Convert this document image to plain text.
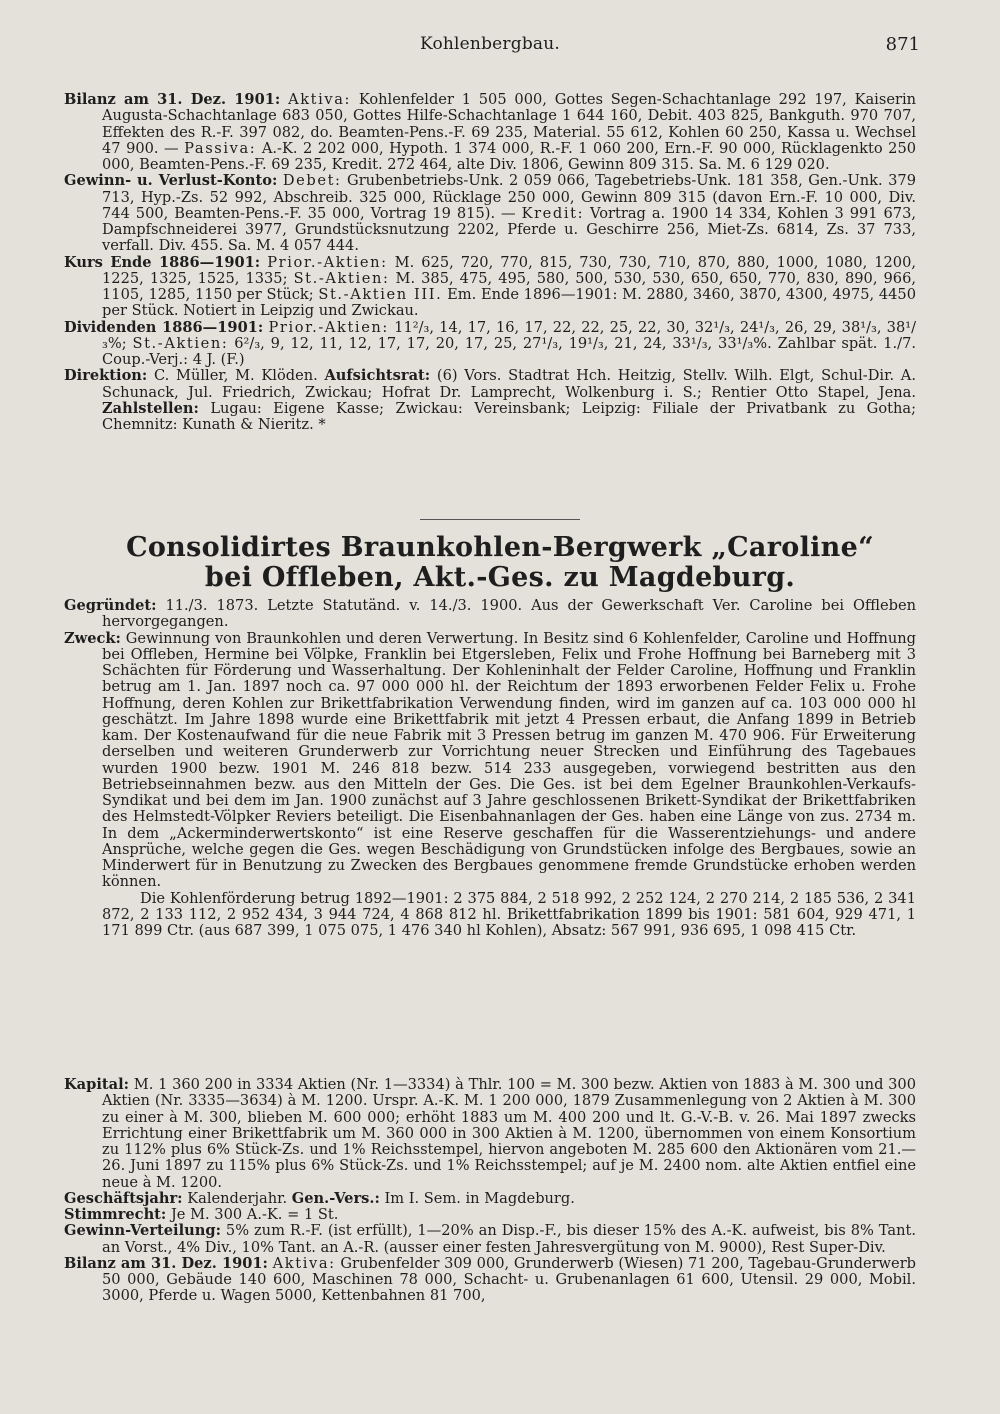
Kohlenbergbau.	871

Bilanz am 31. Dez. 1901: Aktiva: Kohlenfelder 1 505 000, Gottes Segen-Schachtanlage 292 197, Kaiserin Augusta-Schachtanlage 683 050, Gottes Hilfe-Schachtanlage 1 644 160, Debit. 403 825, Bankguth. 970 707, Effekten des R.-F. 397 082, do. Beamten-Pens.-F. 69 235, Material. 55 612, Kohlen 60 250, Kassa u. Wechsel 47 900. — Passiva: A.-K. 2 202 000, Hypoth. 1 374 000, R.-F. 1 060 200, Ern.-F. 90 000, Rücklagenkto 250 000, Beamten-Pens.-F. 69 235, Kredit. 272 464, alte Div. 1806, Gewinn 809 315. Sa. M. 6 129 020.

Gewinn- u. Verlust-Konto: Debet: Grubenbetriebs-Unk. 2 059 066, Tagebetriebs-Unk. 181 358, Gen.-Unk. 379 713, Hyp.-Zs. 52 992, Abschreib. 325 000, Rücklage 250 000, Gewinn 809 315 (davon Ern.-F. 10 000, Div. 744 500, Beamten-Pens.-F. 35 000, Vortrag 19 815). — Kredit: Vortrag a. 1900 14 334, Kohlen 3 991 673, Dampfschneiderei 3977, Grundstücksnutzung 2202, Pferde u. Geschirre 256, Miet-Zs. 6814, Zs. 37 733, verfall. Div. 455. Sa. M. 4 057 444.

Kurs Ende 1886—1901: Prior.-Aktien: M. 625, 720, 770, 815, 730, 730, 710, 870, 880, 1000, 1080, 1200, 1225, 1325, 1525, 1335; St.-Aktien: M. 385, 475, 495, 580, 500, 530, 530, 650, 650, 770, 830, 890, 966, 1105, 1285, 1150 per Stück; St.-Aktien III. Em. Ende 1896—1901: M. 2880, 3460, 3870, 4300, 4975, 4450 per Stück. Notiert in Leipzig und Zwickau.

Dividenden 1886—1901: Prior.-Aktien: 11²/₃, 14, 17, 16, 17, 22, 22, 25, 22, 30, 32¹/₃, 24¹/₃, 26, 29, 38¹/₃, 38¹/₃%; St.-Aktien: 6²/₃, 9, 12, 11, 12, 17, 17, 20, 17, 25, 27¹/₃, 19¹/₃, 21, 24, 33¹/₃, 33¹/₃%. Zahlbar spät. 1./7. Coup.-Verj.: 4 J. (F.)

Direktion: C. Müller, M. Klöden. Aufsichtsrat: (6) Vors. Stadtrat Hch. Heitzig, Stellv. Wilh. Elgt, Schul-Dir. A. Schunack, Jul. Friedrich, Zwickau; Hofrat Dr. Lamprecht, Wolkenburg i. S.; Rentier Otto Stapel, Jena. Zahlstellen: Lugau: Eigene Kasse; Zwickau: Vereinsbank; Leipzig: Filiale der Privatbank zu Gotha; Chemnitz: Kunath & Nieritz. *

Consolidirtes Braunkohlen-Bergwerk „Caroline“
bei Offleben, Akt.-Ges. zu Magdeburg.

Gegründet: 11./3. 1873. Letzte Statutänd. v. 14./3. 1900. Aus der Gewerkschaft Ver. Caroline bei Offleben hervorgegangen.

Zweck: Gewinnung von Braunkohlen und deren Verwertung. In Besitz sind 6 Kohlenfelder, Caroline und Hoffnung bei Offleben, Hermine bei Völpke, Franklin bei Etgersleben, Felix und Frohe Hoffnung bei Barneberg mit 3 Schächten für Förderung und Wasserhaltung. Der Kohleninhalt der Felder Caroline, Hoffnung und Franklin betrug am 1. Jan. 1897 noch ca. 97 000 000 hl. der Reichtum der 1893 erworbenen Felder Felix u. Frohe Hoffnung, deren Kohlen zur Brikettfabrikation Verwendung finden, wird im ganzen auf ca. 103 000 000 hl geschätzt. Im Jahre 1898 wurde eine Brikettfabrik mit jetzt 4 Pressen erbaut, die Anfang 1899 in Betrieb kam. Der Kostenaufwand für die neue Fabrik mit 3 Pressen betrug im ganzen M. 470 906. Für Erweiterung derselben und weiteren Grunderwerb zur Vorrichtung neuer Strecken und Einführung des Tagebaues wurden 1900 bezw. 1901 M. 246 818 bezw. 514 233 ausgegeben, vorwiegend bestritten aus den Betriebseinnahmen bezw. aus den Mitteln der Ges. Die Ges. ist bei dem Egelner Braunkohlen-Verkaufs-Syndikat und bei dem im Jan. 1900 zunächst auf 3 Jahre geschlossenen Brikett-Syndikat der Brikettfabriken des Helmstedt-Völpker Reviers beteiligt. Die Eisenbahnanlagen der Ges. haben eine Länge von zus. 2734 m. In dem „Ackerminderwertskonto“ ist eine Reserve geschaffen für die Wasserentziehungs- und andere Ansprüche, welche gegen die Ges. wegen Beschädigung von Grundstücken infolge des Bergbaues, sowie an Minderwert für in Benutzung zu Zwecken des Bergbaues genommene fremde Grundstücke erhoben werden können.

Die Kohlenförderung betrug 1892—1901: 2 375 884, 2 518 992, 2 252 124, 2 270 214, 2 185 536, 2 341 872, 2 133 112, 2 952 434, 3 944 724, 4 868 812 hl. Brikettfabrikation 1899 bis 1901: 581 604, 929 471, 1 171 899 Ctr. (aus 687 399, 1 075 075, 1 476 340 hl Kohlen), Absatz: 567 991, 936 695, 1 098 415 Ctr.

Kapital: M. 1 360 200 in 3334 Aktien (Nr. 1—3334) à Thlr. 100 = M. 300 bezw. Aktien von 1883 à M. 300 und 300 Aktien (Nr. 3335—3634) à M. 1200. Urspr. A.-K. M. 1 200 000, 1879 Zusammenlegung von 2 Aktien à M. 300 zu einer à M. 300, blieben M. 600 000; erhöht 1883 um M. 400 200 und lt. G.-V.-B. v. 26. Mai 1897 zwecks Errichtung einer Brikettfabrik um M. 360 000 in 300 Aktien à M. 1200, übernommen von einem Konsortium zu 112% plus 6% Stück-Zs. und 1% Reichsstempel, hiervon angeboten M. 285 600 den Aktionären vom 21.—26. Juni 1897 zu 115% plus 6% Stück-Zs. und 1% Reichsstempel; auf je M. 2400 nom. alte Aktien entfiel eine neue à M. 1200.

Geschäftsjahr: Kalenderjahr. Gen.-Vers.: Im I. Sem. in Magdeburg.

Stimmrecht: Je M. 300 A.-K. = 1 St.

Gewinn-Verteilung: 5% zum R.-F. (ist erfüllt), 1—20% an Disp.-F., bis dieser 15% des A.-K. aufweist, bis 8% Tant. an Vorst., 4% Div., 10% Tant. an A.-R. (ausser einer festen Jahresvergütung von M. 9000), Rest Super-Div.

Bilanz am 31. Dez. 1901: Aktiva: Grubenfelder 309 000, Grunderwerb (Wiesen) 71 200, Tagebau-Grunderwerb 50 000, Gebäude 140 600, Maschinen 78 000, Schacht- u. Grubenanlagen 61 600, Utensil. 29 000, Mobil. 3000, Pferde u. Wagen 5000, Kettenbahnen 81 700,
